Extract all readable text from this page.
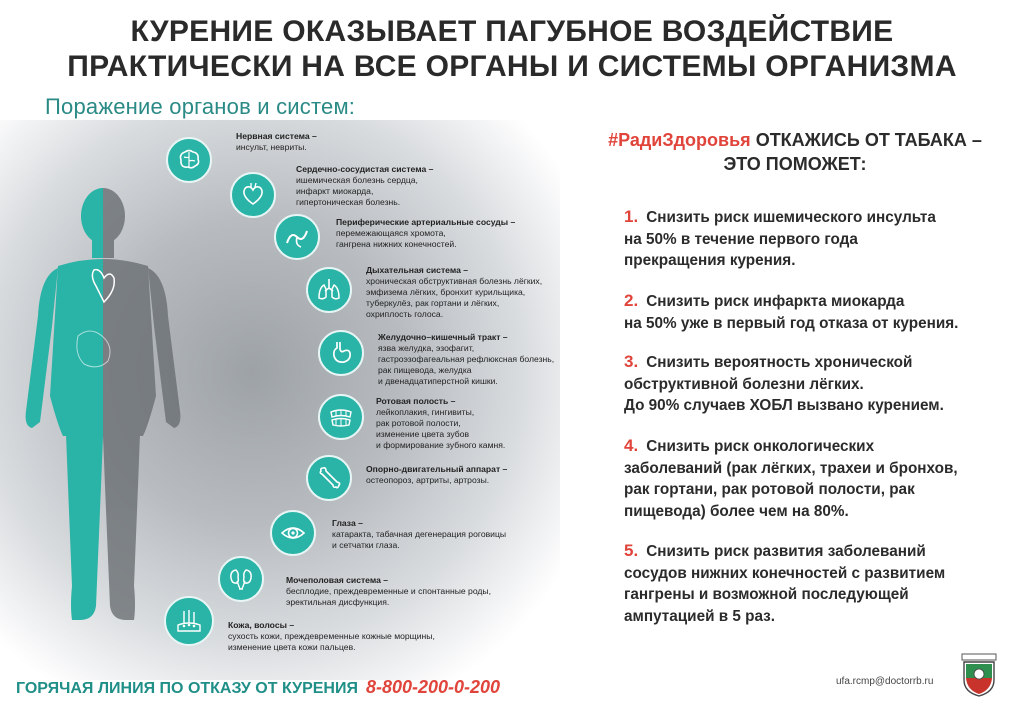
КУРЕНИЕ ОКАЗЫВАЕТ ПАГУБНОЕ ВОЗДЕЙСТВИЕ
ПРАКТИЧЕСКИ НА ВСЕ ОРГАНЫ И СИСТЕМЫ ОРГАНИЗМА
Поражение органов и систем:
Нервная система –
инсульт, невриты.
Сердечно-сосудистая система –
ишемическая болезнь сердца,
инфаркт миокарда,
гипертоническая болезнь.
Периферические артериальные сосуды –
перемежающаяся хромота,
гангрена нижних конечностей.
Дыхательная система –
хроническая обструктивная болезнь лёгких,
эмфизема лёгких, бронхит курильщика,
туберкулёз, рак гортани и лёгких,
охриплость голоса.
Желудочно–кишечный тракт –
язва желудка, эзофагит,
гастроэзофагеальная рефлюксная болезнь,
рак пищевода, желудка
и двенадцатиперстной кишки.
Ротовая полость –
лейкоплакия, гингивиты,
рак ротовой полости,
изменение цвета зубов
и формирование зубного камня.
Опорно-двигательный аппарат –
остеопороз, артриты, артрозы.
Глаза –
катаракта, табачная дегенерация роговицы
и сетчатки глаза.
Мочеполовая система –
бесплодие, преждевременные и спонтанные роды,
эректильная дисфункция.
Кожа, волосы –
сухость кожи, преждевременные кожные морщины,
изменение цвета кожи пальцев.
#РадиЗдоровья ОТКАЖИСЬ ОТ ТАБАКА –
ЭТО ПОМОЖЕТ:
1. Снизить риск ишемического инсульта
на 50% в течение первого года
прекращения курения.
2. Снизить риск инфаркта миокарда
на 50% уже в первый год отказа от курения.
3. Снизить вероятность хронической
обструктивной болезни лёгких.
До 90% случаев ХОБЛ вызвано курением.
4. Снизить риск онкологических
заболеваний (рак лёгких, трахеи и бронхов,
рак гортани, рак ротовой полости, рак
пищевода) более чем на 80%.
5. Снизить риск развития заболеваний
сосудов нижних конечностей с развитием
гангрены и возможной последующей
ампутацией в 5 раз.
ГОРЯЧАЯ ЛИНИЯ ПО ОТКАЗУ ОТ КУРЕНИЯ 8-800-200-0-200	ufa.rcmp@doctorrb.ru
